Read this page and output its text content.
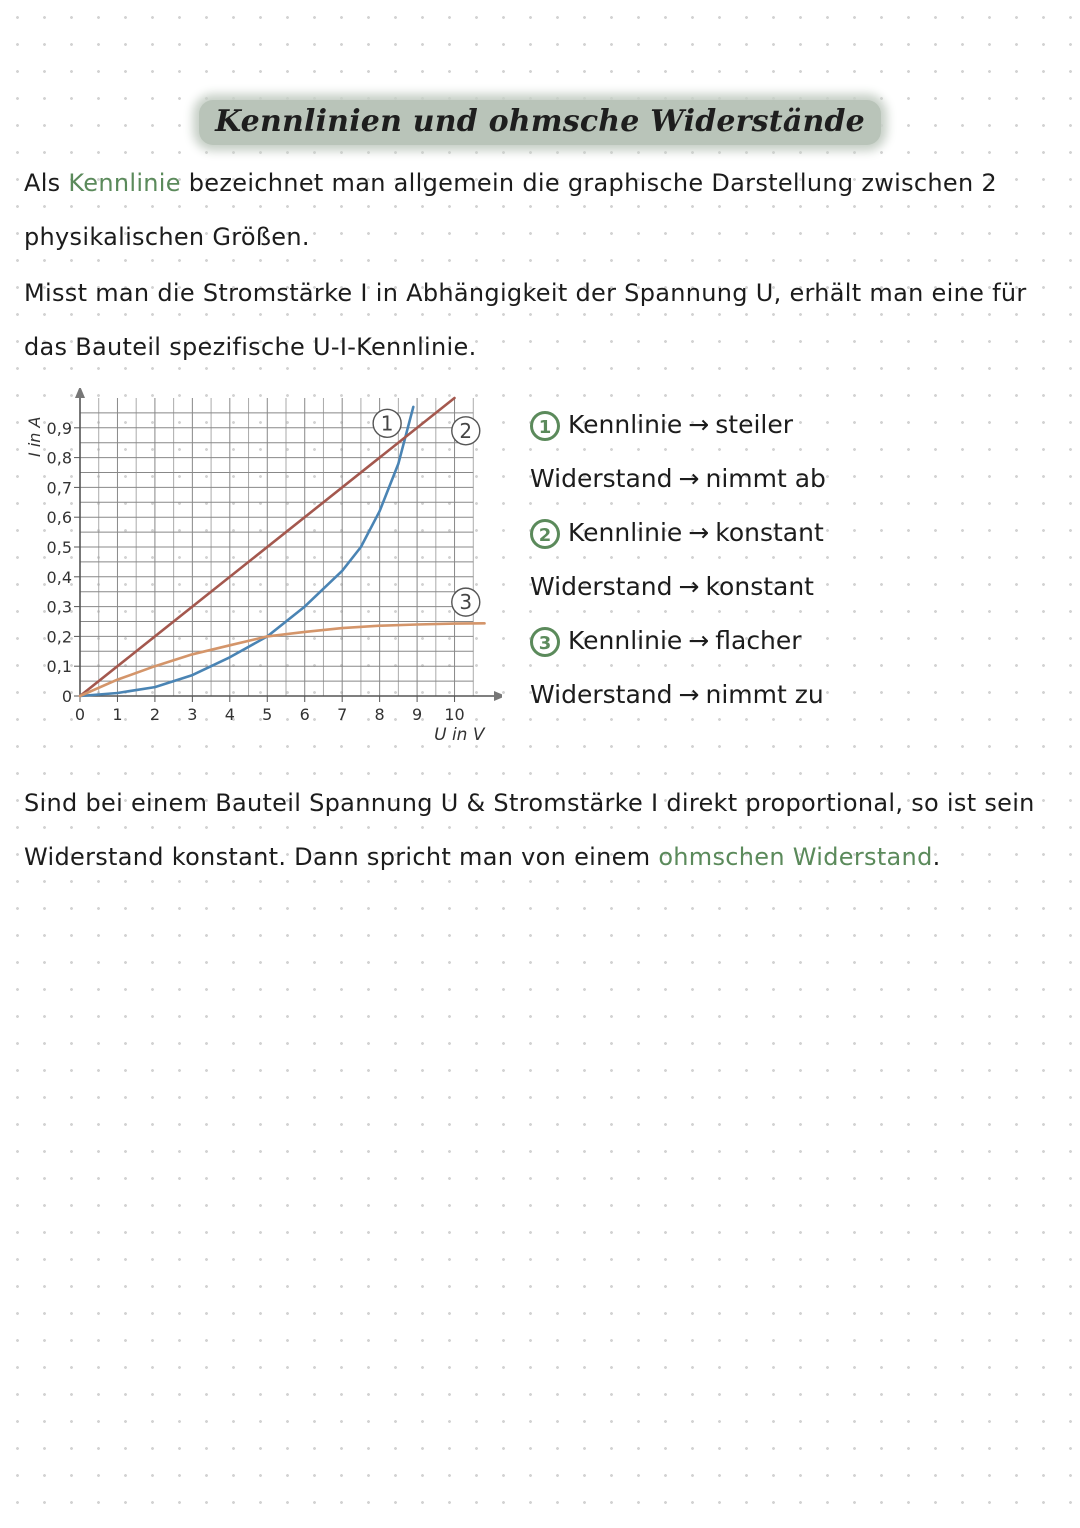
Kennlinien und ohmsche Widerstände

Als Kennlinie bezeichnet man allgemein die graphische Darstellung zwischen 2 physikalischen Größen.

Misst man die Stromstärke I in Abhängigkeit der Spannung U, erhält man eine für das Bauteil spezifische U-I-Kennlinie.

0 1 2 3 4 5 6 7 8 9 10
0
0,1
0,2
0,3
0,4
0,5
0,6
0,7
0,8
0,9
U in V
I in A	1	2
3
1 Kennlinie → steiler
Widerstand → nimmt ab
2 Kennlinie → konstant
Widerstand → konstant
3 Kennlinie → flacher
Widerstand → nimmt zu

Sind bei einem Bauteil Spannung U & Stromstärke I direkt proportional, so ist sein Widerstand konstant. Dann spricht man von einem ohmschen Widerstand.
